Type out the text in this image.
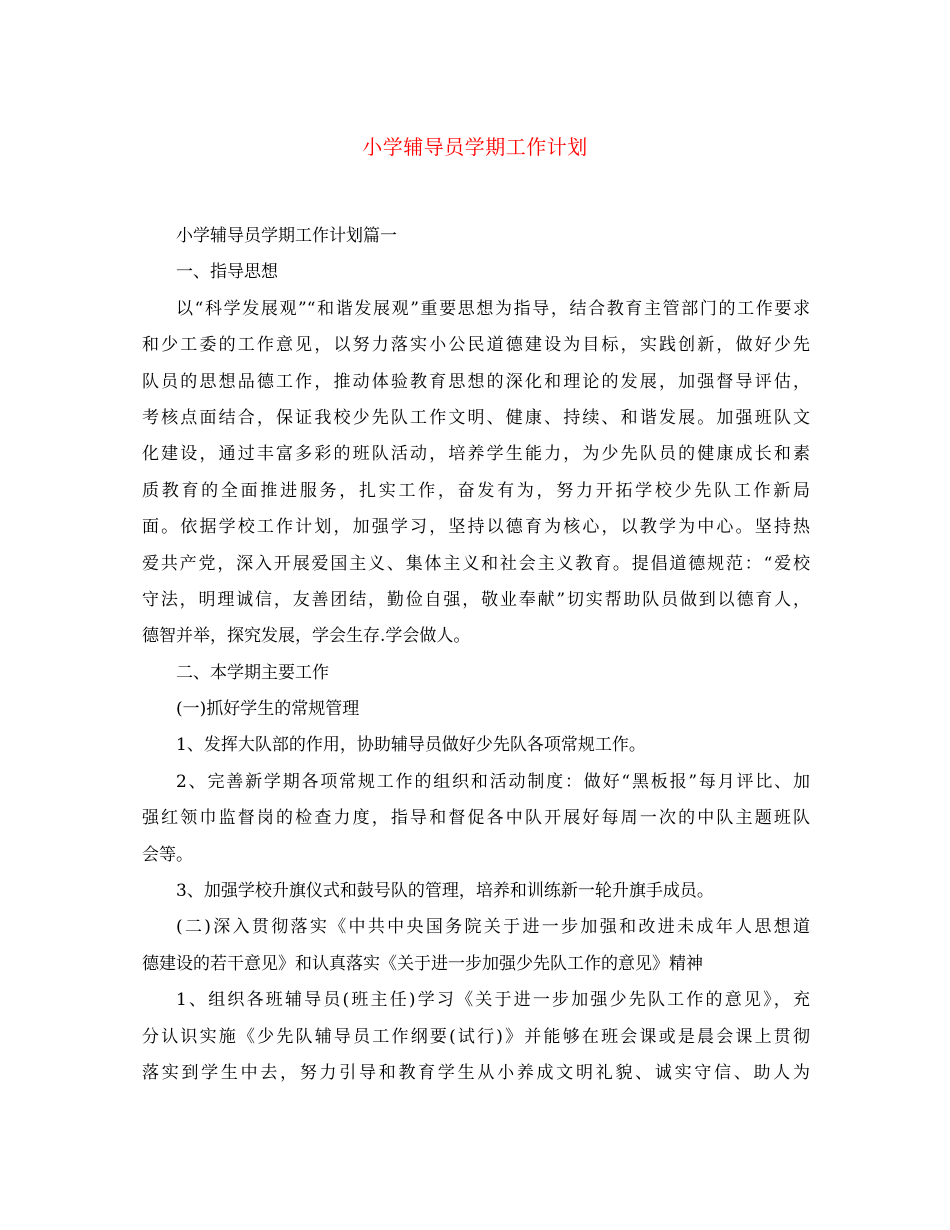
小学辅导员学期工作计划
小学辅导员学期工作计划篇一
一、指导思想
以“科学发展观”“和谐发展观”重要思想为指导，结合教育主管部门的工作要求
和少工委的工作意见，以努力落实小公民道德建设为目标，实践创新，做好少先
队员的思想品德工作，推动体验教育思想的深化和理论的发展，加强督导评估，
考核点面结合，保证我校少先队工作文明、健康、持续、和谐发展。加强班队文
化建设，通过丰富多彩的班队活动，培养学生能力，为少先队员的健康成长和素
质教育的全面推进服务，扎实工作，奋发有为，努力开拓学校少先队工作新局
面。依据学校工作计划，加强学习，坚持以德育为核心，以教学为中心。坚持热
爱共产党，深入开展爱国主义、集体主义和社会主义教育。提倡道德规范：“爱校
守法，明理诚信，友善团结，勤俭自强，敬业奉献”切实帮助队员做到以德育人，
德智并举，探究发展，学会生存.学会做人。
二、本学期主要工作
(一)抓好学生的常规管理
1、发挥大队部的作用，协助辅导员做好少先队各项常规工作。
2、完善新学期各项常规工作的组织和活动制度：做好“黑板报”每月评比、加
强红领巾监督岗的检查力度，指导和督促各中队开展好每周一次的中队主题班队
会等。
3、加强学校升旗仪式和鼓号队的管理，培养和训练新一轮升旗手成员。
(二)深入贯彻落实《中共中央国务院关于进一步加强和改进未成年人思想道
德建设的若干意见》和认真落实《关于进一步加强少先队工作的意见》精神
1、组织各班辅导员(班主任)学习《关于进一步加强少先队工作的意见》，充
分认识实施《少先队辅导员工作纲要(试行)》并能够在班会课或是晨会课上贯彻
落实到学生中去，努力引导和教育学生从小养成文明礼貌、诚实守信、助人为
